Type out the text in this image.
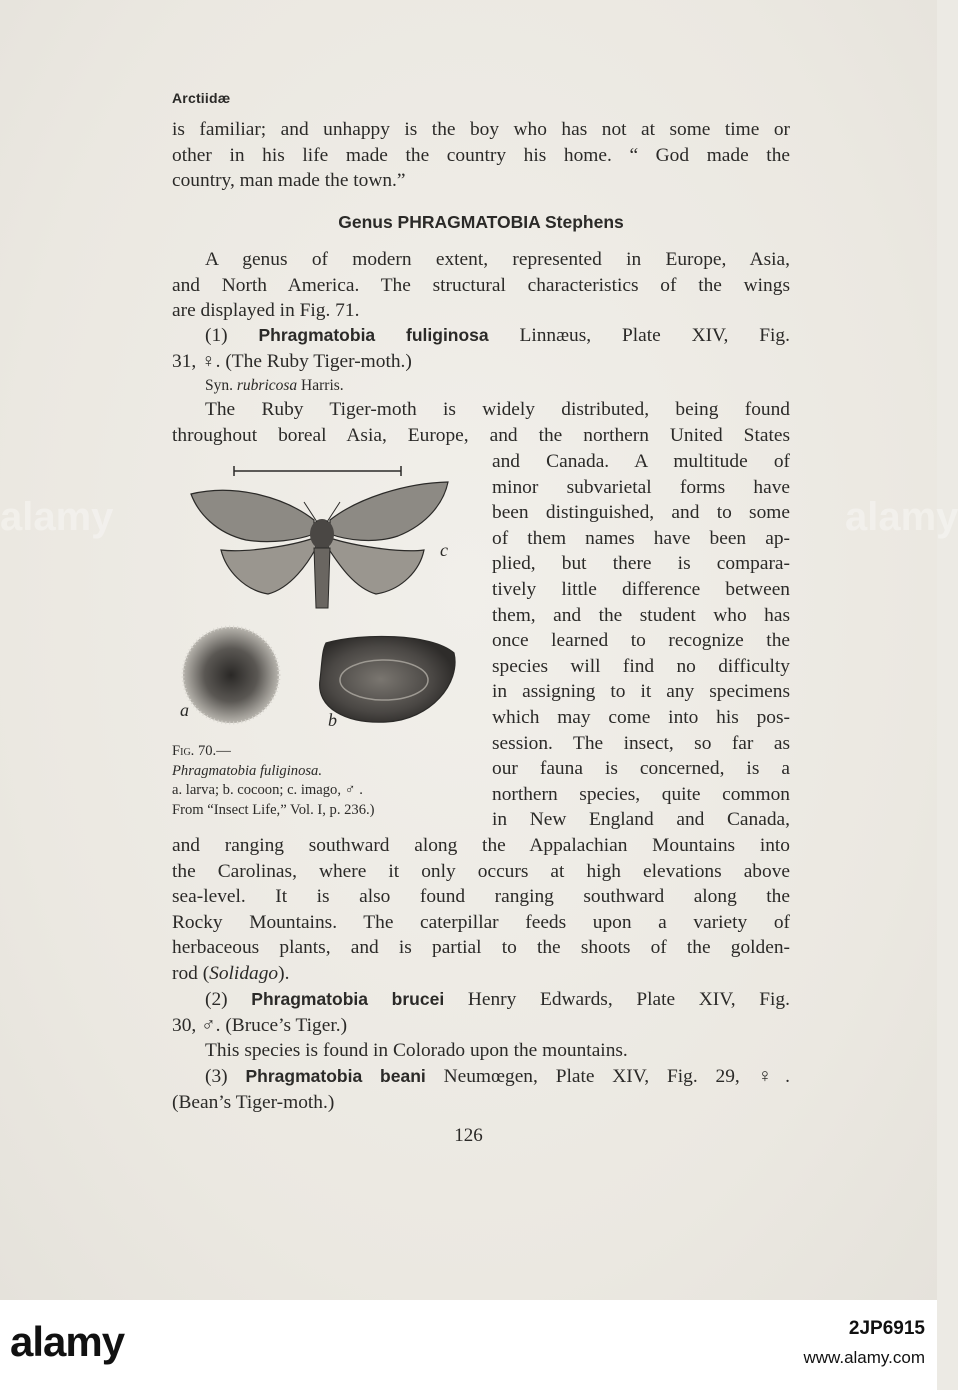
alamy	alamy
Arctiidæ
is familiar; and unhappy is the boy who has not at some time or
other in his life made the country his home. “ God made the
country, man made the town.”
Genus PHRAGMATOBIA Stephens
A genus of modern extent, represented in Europe, Asia,
and North America. The structural characteristics of the wings
are displayed in Fig. 71.
(1) Phragmatobia fuliginosa Linnæus, Plate XIV, Fig.
31, ♀. (The Ruby Tiger-moth.)
Syn. rubricosa Harris.
The Ruby Tiger-moth is widely distributed, being found
throughout boreal Asia, Europe, and the northern United States
c
a	b
Fig. 70.—
Phragmatobia fuliginosa.
a. larva; b. cocoon; c. imago, ♂ .
From “Insect Life,” Vol. I, p. 236.)
and Canada. A multitude of
minor subvarietal forms have
been distinguished, and to some
of them names have been ap-
plied, but there is compara-
tively little difference between
them, and the student who has
once learned to recognize the
species will find no difficulty
in assigning to it any specimens
which may come into his pos-
session. The insect, so far as
our fauna is concerned, is a
northern species, quite common
in New England and Canada,
and ranging southward along the Appalachian Mountains into
the Carolinas, where it only occurs at high elevations above
sea-level. It is also found ranging southward along the
Rocky Mountains. The caterpillar feeds upon a variety of
herbaceous plants, and is partial to the shoots of the golden-
rod (Solidago).
(2) Phragmatobia brucei Henry Edwards, Plate XIV, Fig.
30, ♂. (Bruce’s Tiger.)
This species is found in Colorado upon the mountains.
(3) Phragmatobia beani Neumœgen, Plate XIV, Fig. 29, ♀.
(Bean’s Tiger-moth.)
126
alamy	2JP6915
www.alamy.com
